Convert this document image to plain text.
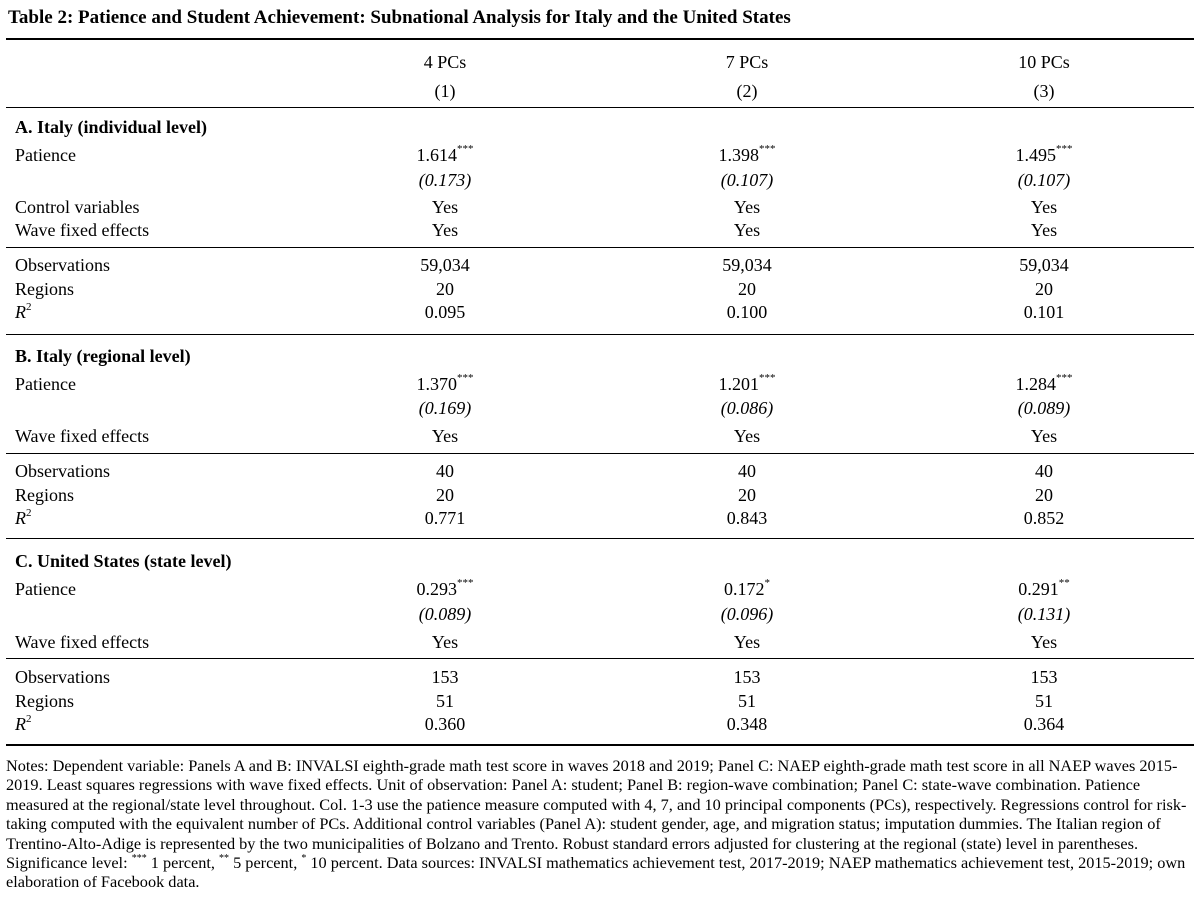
Table 2: Patience and Student Achievement: Subnational Analysis for Italy and the United States
4 PCs	7 PCs	10 PCs
(1)	(2)	(3)
A. Italy (individual level)
Patience	1.614***	1.398***	1.495***
(0.173)	(0.107)	(0.107)
Control variables	Yes	Yes	Yes
Wave fixed effects	Yes	Yes	Yes
Observations	59,034	59,034	59,034
Regions	20	20	20
$R^2$	0.095	0.100	0.101
B. Italy (regional level)
Patience	1.370***	1.201***	1.284***
(0.169)	(0.086)	(0.089)
Wave fixed effects	Yes	Yes	Yes
Observations	40	40	40
Regions	20	20	20
$R^2$	0.771	0.843	0.852
C. United States (state level)
Patience	0.293***	0.172*	0.291**
(0.089)	(0.096)	(0.131)
Wave fixed effects	Yes	Yes	Yes
Observations	153	153	153
Regions	51	51	51
$R^2$	0.360	0.348	0.364
Notes: Dependent variable: Panels A and B: INVALSI eighth-grade math test score in waves 2018 and 2019; Panel C: NAEP eighth-grade math test score in all NAEP waves 2015-2019. Least squares regressions with wave fixed effects. Unit of observation: Panel A: student; Panel B: region-wave combination; Panel C: state-wave combination. Patience measured at the regional/state level throughout. Col. 1-3 use the patience measure computed with 4, 7, and 10 principal components (PCs), respectively. Regressions control for risk-taking computed with the equivalent number of PCs. Additional control variables (Panel A): student gender, age, and migration status; imputation dummies. The Italian region of Trentino-Alto-Adige is represented by the two municipalities of Bolzano and Trento. Robust standard errors adjusted for clustering at the regional (state) level in parentheses. Significance level: *** 1 percent, ** 5 percent, * 10 percent. Data sources: INVALSI mathematics achievement test, 2017-2019; NAEP mathematics achievement test, 2015-2019; own elaboration of Facebook data.
